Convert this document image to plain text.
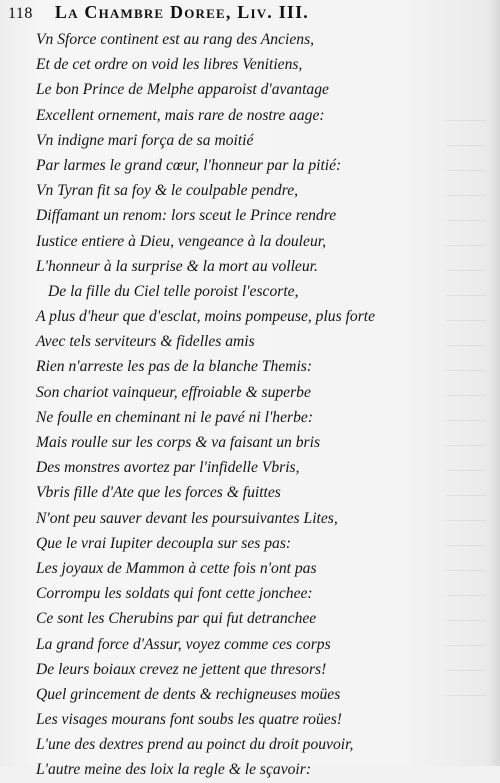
118 La Chambre Doree, Liv. III.
Vn Sforce continent est au rang des Anciens,
Et de cet ordre on void les libres Venitiens,
Le bon Prince de Melphe apparoist d'avantage
Excellent ornement, mais rare de nostre aage:
Vn indigne mari força de sa moitié
Par larmes le grand cœur, l'honneur par la pitié:
Vn Tyran fit sa foy & le coulpable pendre,
Diffamant un renom: lors sceut le Prince rendre
Iustice entiere à Dieu, vengeance à la douleur,
L'honneur à la surprise & la mort au volleur.
De la fille du Ciel telle poroist l'escorte,
A plus d'heur que d'esclat, moins pompeuse, plus forte
Avec tels serviteurs & fidelles amis
Rien n'arreste les pas de la blanche Themis:
Son chariot vainqueur, effroiable & superbe
Ne foulle en cheminant ni le pavé ni l'herbe:
Mais roulle sur les corps & va faisant un bris
Des monstres avortez par l'infidelle Vbris,
Vbris fille d'Ate que les forces & fuittes
N'ont peu sauver devant les poursuivantes Lites,
Que le vrai Iupiter decoupla sur ses pas:
Les joyaux de Mammon à cette fois n'ont pas
Corrompu les soldats qui font cette jonchee:
Ce sont les Cherubins par qui fut detranchee
La grand force d'Assur, voyez comme ces corps
De leurs boiaux crevez ne jettent que thresors!
Quel grincement de dents & rechigneuses moües
Les visages mourans font soubs les quatre roües!
L'une des dextres prend au poinct du droit pouvoir,
L'autre meine des loix la regle & le sçavoir:
